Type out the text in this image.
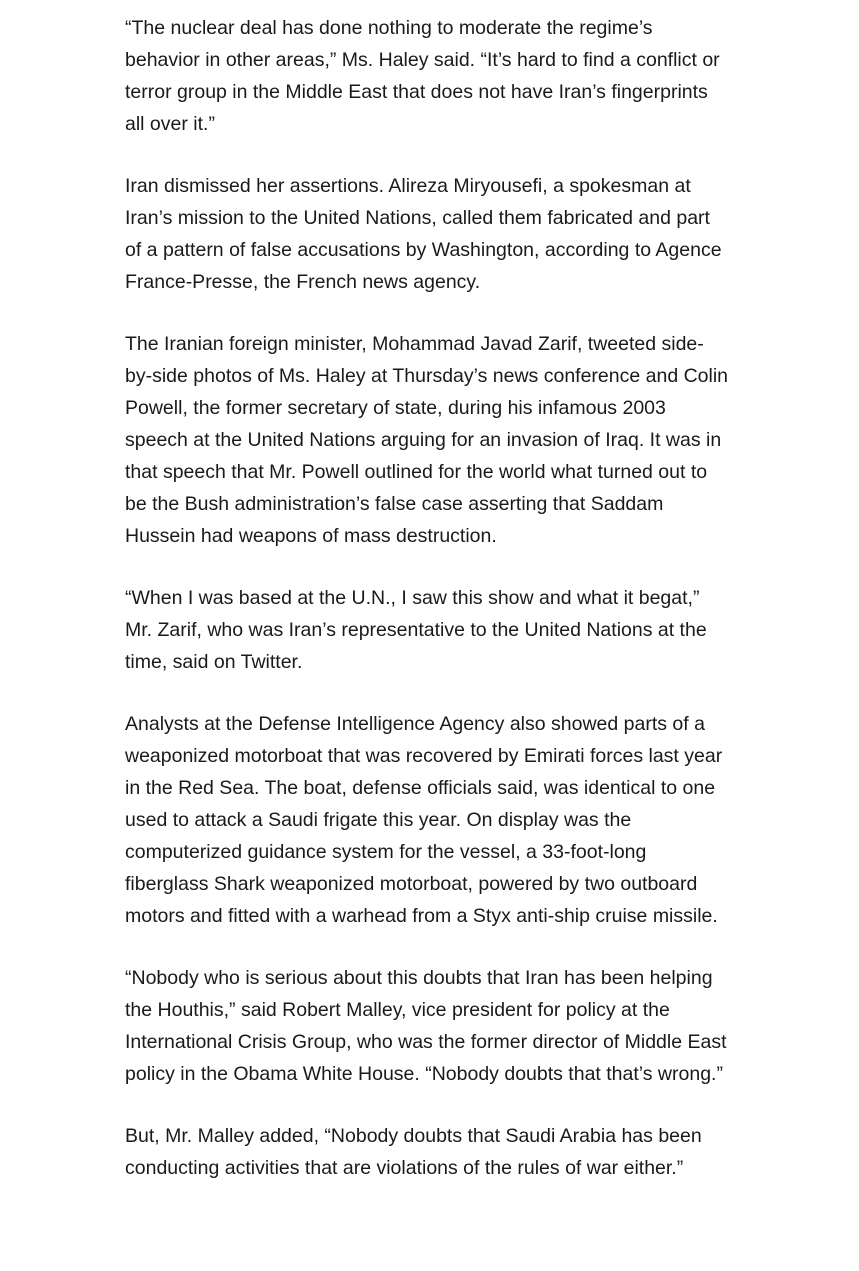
“The nuclear deal has done nothing to moderate the regime’s behavior in other areas,” Ms. Haley said. “It’s hard to find a conflict or terror group in the Middle East that does not have Iran’s fingerprints all over it.”

Iran dismissed her assertions. Alireza Miryousefi, a spokesman at Iran’s mission to the United Nations, called them fabricated and part of a pattern of false accusations by Washington, according to Agence France-Presse, the French news agency.

The Iranian foreign minister, Mohammad Javad Zarif, tweeted side-by-side photos of Ms. Haley at Thursday’s news conference and Colin Powell, the former secretary of state, during his infamous 2003 speech at the United Nations arguing for an invasion of Iraq. It was in that speech that Mr. Powell outlined for the world what turned out to be the Bush administration’s false case asserting that Saddam Hussein had weapons of mass destruction.

“When I was based at the U.N., I saw this show and what it begat,” Mr. Zarif, who was Iran’s representative to the United Nations at the time, said on Twitter.

Analysts at the Defense Intelligence Agency also showed parts of a weaponized motorboat that was recovered by Emirati forces last year in the Red Sea. The boat, defense officials said, was identical to one used to attack a Saudi frigate this year. On display was the computerized guidance system for the vessel, a 33-foot-long fiberglass Shark weaponized motorboat, powered by two outboard motors and fitted with a warhead from a Styx anti-ship cruise missile.

“Nobody who is serious about this doubts that Iran has been helping the Houthis,” said Robert Malley, vice president for policy at the International Crisis Group, who was the former director of Middle East policy in the Obama White House. “Nobody doubts that that’s wrong.”

But, Mr. Malley added, “Nobody doubts that Saudi Arabia has been conducting activities that are violations of the rules of war either.”
